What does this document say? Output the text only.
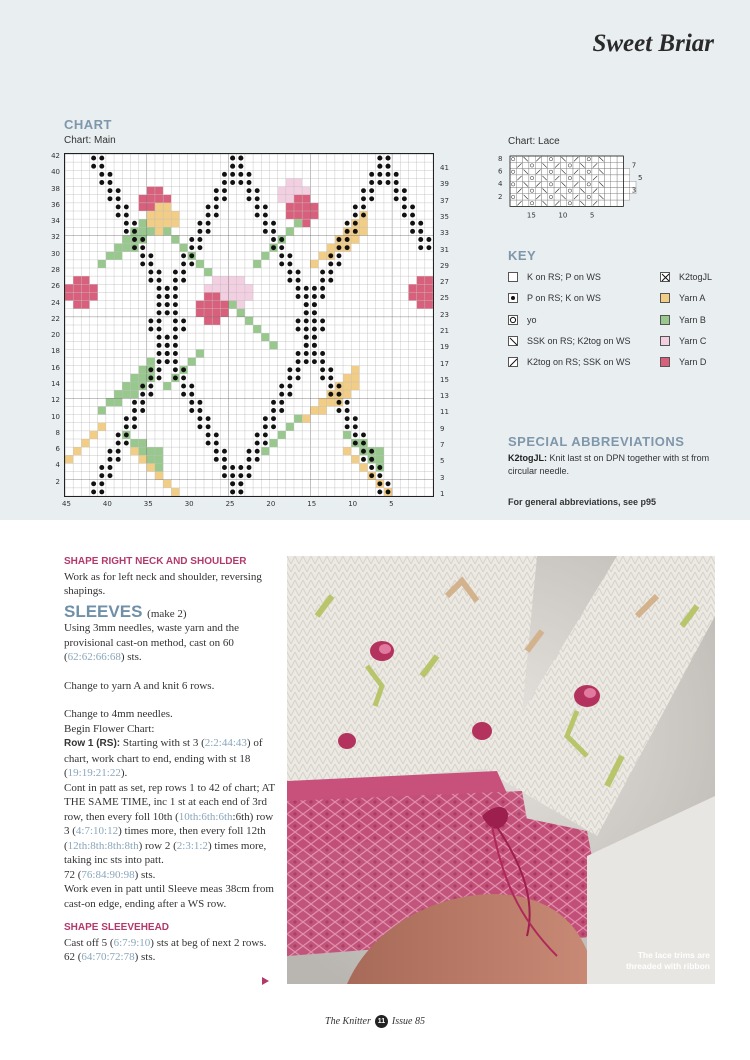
Sweet Briar
CHART
Chart: Main
42
40
38
36
34
32
30
28
26
24
22
20
18
16
14
12
10
8
6
4
2
41
39
37
35
33
31
29
27
25
23
21
19
17
15
13
11
9
7
5
3
1
45	40	35	30	25	20	15	10	5
Chart: Lace
8
6
4
2
7
5
3
15	10	5
KEY
K on RS; P on WS
P on RS; K on WS
yo
SSK on RS; K2tog on WS
K2tog on RS; SSK on WS
K2togJL
Yarn A
Yarn B
Yarn C
Yarn D
SPECIAL ABBREVIATIONS
K2togJL: Knit last st on DPN together with st from circular needle.
For general abbreviations, see p95
SHAPE RIGHT NECK AND SHOULDER

Work as for left neck and shoulder, reversing shapings.

SLEEVES (make 2)

Using 3mm needles, waste yarn and the provisional cast-on method, cast on 60 (62:62:66:68) sts.

Change to yarn A and knit 6 rows.

Change to 4mm needles.

Begin Flower Chart:

Row 1 (RS): Starting with st 3 (2:2:44:43) of chart, work chart to end, ending with st 18 (19:19:21:22).

Cont in patt as set, rep rows 1 to 42 of chart; AT THE SAME TIME, inc 1 st at each end of 3rd row, then every foll 10th (10th:6th:6th:6th) row 3 (4:7:10:12) times more, then every foll 12th (12th:8th:8th:8th) row 2 (2:3:1:2) times more, taking inc sts into patt.

72 (76:84:90:98) sts.

Work even in patt until Sleeve meas 38cm from cast-on edge, ending after a WS row.

SHAPE SLEEVEHEAD

Cast off 5 (6:7:9:10) sts at beg of next 2 rows.

62 (64:70:72:78) sts.	The lace trims are threaded with ribbon
The Knitter 11 Issue 85
